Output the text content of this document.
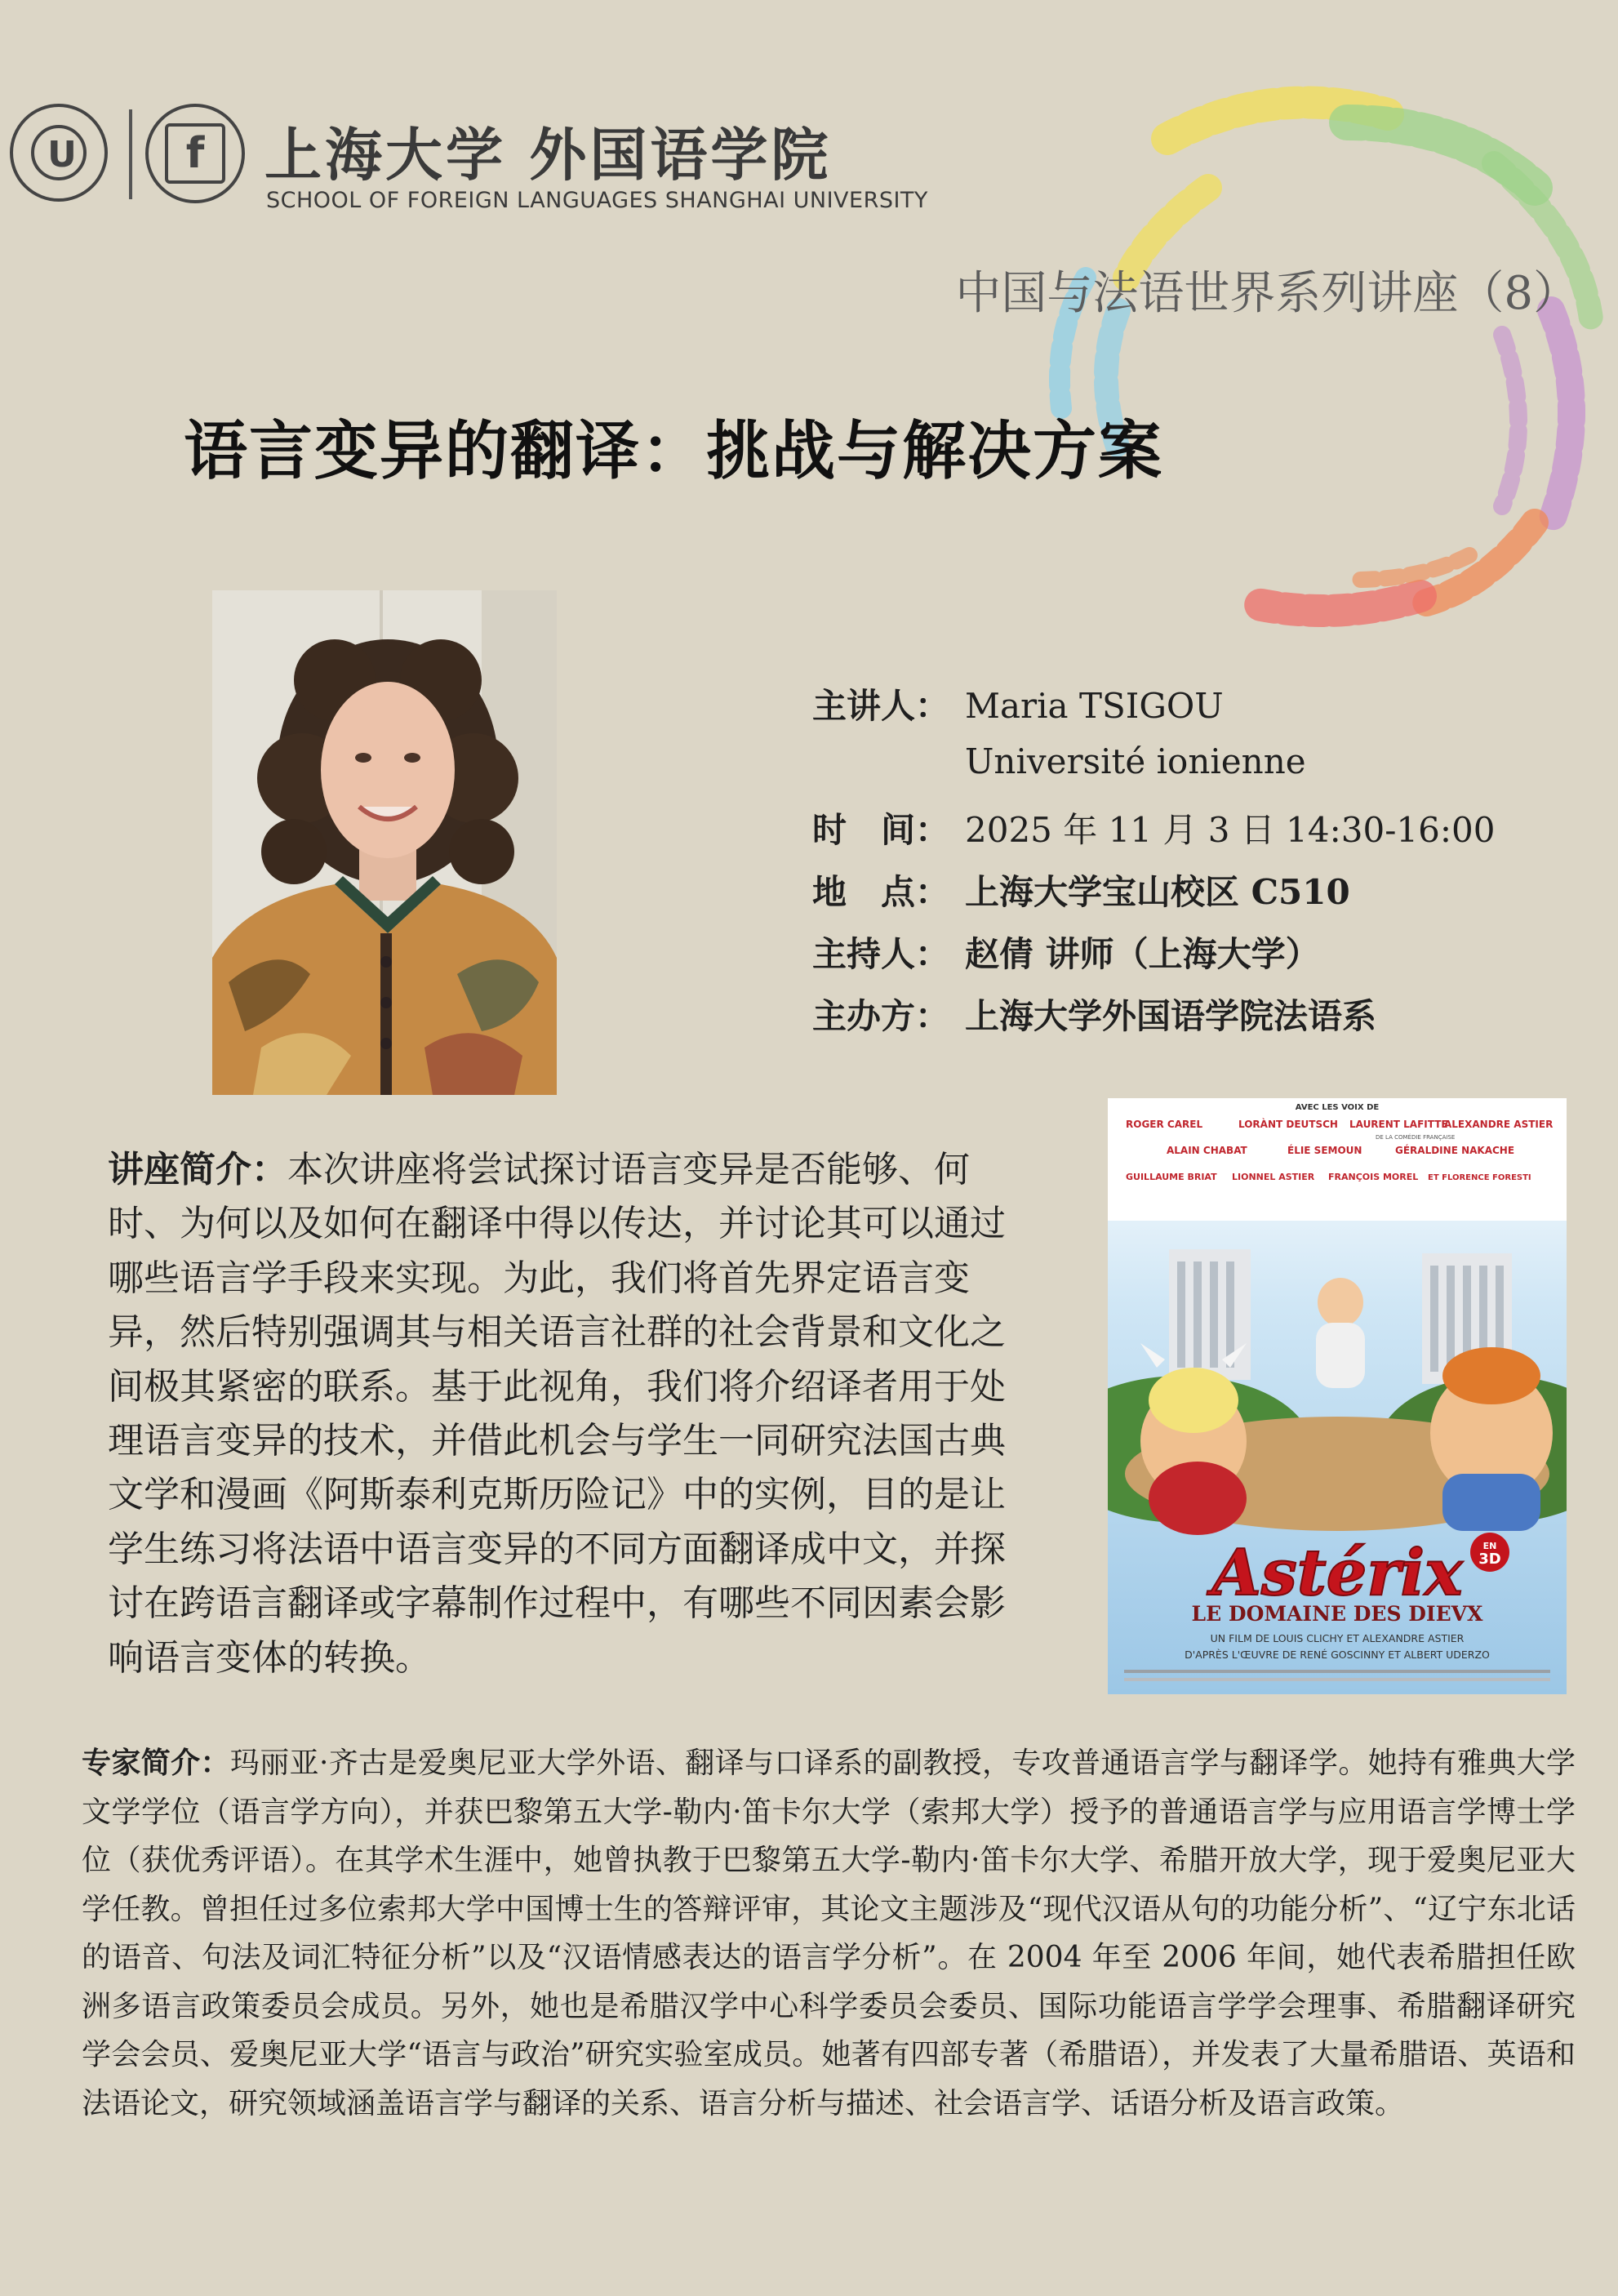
U	f	上海大学 外国语学院
SCHOOL OF FOREIGN LANGUAGES SHANGHAI UNIVERSITY
中国与法语世界系列讲座（8）
语言变异的翻译：挑战与解决方案
主讲人： Maria TSIGOU
Université ionienne
时　间： 2025 年 11 月 3 日 14:30-16:00
地　点： 上海大学宝山校区 C510
主持人： 赵倩 讲师（上海大学）
主办方： 上海大学外国语学院法语系
AVEC LES VOIX DE
ROGER CAREL	LORÀNT DEUTSCH LAURENT LAFITTE
ALEXANDRE ASTIER
ALAIN CHABAT	ÉLIE SEMOUN	GÉRALDINE NAKACHE
GUILLAUME BRIAT LIONNEL ASTIER FRANÇOIS MOREL ET FLORENCE FORESTI
DE LA COMÉDIE FRANÇAISE
Astérix EN
3D
LE DOMAINE DES DIEVX
UN FILM DE LOUIS CLICHY ET ALEXANDRE ASTIER
D'APRÈS L'ŒUVRE DE RENÉ GOSCINNY ET ALBERT UDERZO
讲座简介：本次讲座将尝试探讨语言变异是否能够、何时、为何以及如何在翻译中得以传达，并讨论其可以通过哪些语言学手段来实现。为此，我们将首先界定语言变异，然后特别强调其与相关语言社群的社会背景和文化之间极其紧密的联系。基于此视角，我们将介绍译者用于处理语言变异的技术，并借此机会与学生一同研究法国古典文学和漫画《阿斯泰利克斯历险记》中的实例，目的是让学生练习将法语中语言变异的不同方面翻译成中文，并探讨在跨语言翻译或字幕制作过程中，有哪些不同因素会影响语言变体的转换。
专家简介：玛丽亚·齐古是爱奥尼亚大学外语、翻译与口译系的副教授，专攻普通语言学与翻译学。她持有雅典大学文学学位（语言学方向），并获巴黎第五大学-勒内·笛卡尔大学（索邦大学）授予的普通语言学与应用语言学博士学位（获优秀评语）。在其学术生涯中，她曾执教于巴黎第五大学-勒内·笛卡尔大学、希腊开放大学，现于爱奥尼亚大学任教。曾担任过多位索邦大学中国博士生的答辩评审，其论文主题涉及“现代汉语从句的功能分析”、“辽宁东北话的语音、句法及词汇特征分析”以及“汉语情感表达的语言学分析”。在 2004 年至 2006 年间，她代表希腊担任欧洲多语言政策委员会成员。另外，她也是希腊汉学中心科学委员会委员、国际功能语言学学会理事、希腊翻译研究学会会员、爱奥尼亚大学“语言与政治”研究实验室成员。她著有四部专著（希腊语），并发表了大量希腊语、英语和法语论文，研究领域涵盖语言学与翻译的关系、语言分析与描述、社会语言学、话语分析及语言政策。
